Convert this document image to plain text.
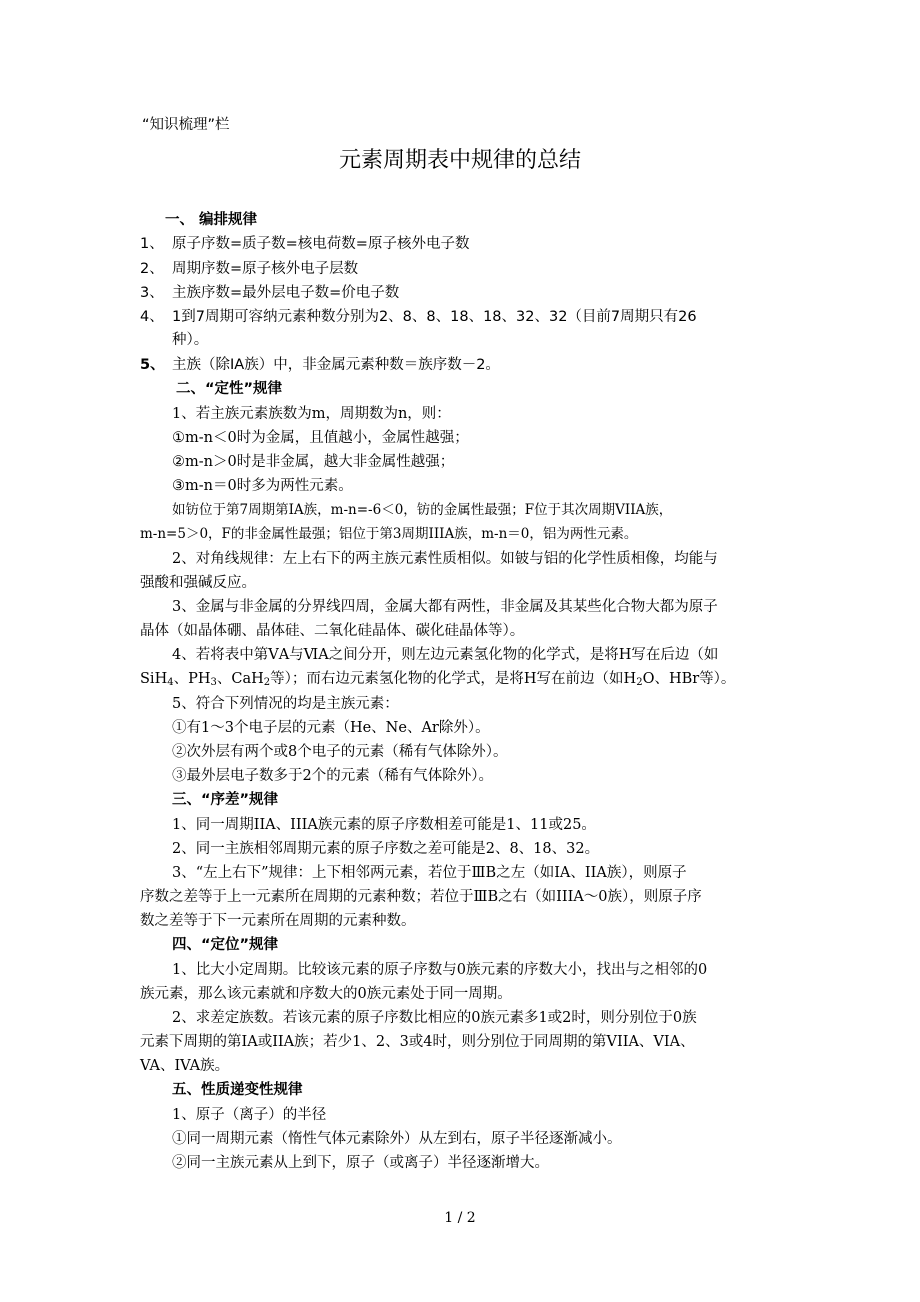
“知识梳理”栏
元素周期表中规律的总结
一、 编排规律
1、 原子序数=质子数=核电荷数=原子核外电子数
2、 周期序数=原子核外电子层数
3、 主族序数=最外层电子数=价电子数
4、 1到7周期可容纳元素种数分别为2、8、8、18、18、32、32（目前7周期只有26
种）。
5、 主族（除ⅠA族）中，非金属元素种数＝族序数－2。
二、“定性”规律
1、若主族元素族数为m，周期数为n，则：
①m-n＜0时为金属，且值越小，金属性越强；
②m-n＞0时是非金属，越大非金属性越强；
③m-n＝0时多为两性元素。
如钫位于第7周期第ⅠA族，m-n=-6＜0，钫的金属性最强；F位于其次周期VIIA族，
m-n=5＞0，F的非金属性最强；铝位于第3周期IIIA族，m-n＝0，铝为两性元素。
2、对角线规律：左上右下的两主族元素性质相似。如铍与铝的化学性质相像，均能与
强酸和强碱反应。
3、金属与非金属的分界线四周，金属大都有两性，非金属及其某些化合物大都为原子
晶体（如晶体硼、晶体硅、二氧化硅晶体、碳化硅晶体等）。
4、若将表中第ⅤA与ⅥA之间分开，则左边元素氢化物的化学式，是将H写在后边（如
SiH$_4$、$PH_3$、CaH$_2$等）；而右边元素氢化物的化学式，是将H写在前边（如$H_2O$、HBr等）。
5、符合下列情况的均是主族元素：
①有1～3个电子层的元素（He、Ne、Ar除外）。
②次外层有两个或8个电子的元素（稀有气体除外）。
③最外层电子数多于2个的元素（稀有气体除外）。
三、“序差”规律
1、同一周期IIA、IIIA族元素的原子序数相差可能是1、11或25。
2、同一主族相邻周期元素的原子序数之差可能是2、8、18、32。
3、“左上右下”规律：上下相邻两元素，若位于ⅢB之左（如ⅠA、IIA族），则原子
序数之差等于上一元素所在周期的元素种数；若位于ⅢB之右（如IIIA～0族），则原子序
数之差等于下一元素所在周期的元素种数。
四、“定位”规律
1、比大小定周期。比较该元素的原子序数与0族元素的序数大小，找出与之相邻的0
族元素，那么该元素就和序数大的0族元素处于同一周期。
2、求差定族数。若该元素的原子序数比相应的0族元素多1或2时，则分别位于0族
元素下周期的第IA或IIA族；若少1、2、3或4时，则分别位于同周期的第VIIA、VIA、
VA、IVA族。
五、性质递变性规律
1、原子（离子）的半径
①同一周期元素（惰性气体元素除外）从左到右，原子半径逐渐减小。
②同一主族元素从上到下，原子（或离子）半径逐渐增大。
1 / 2
